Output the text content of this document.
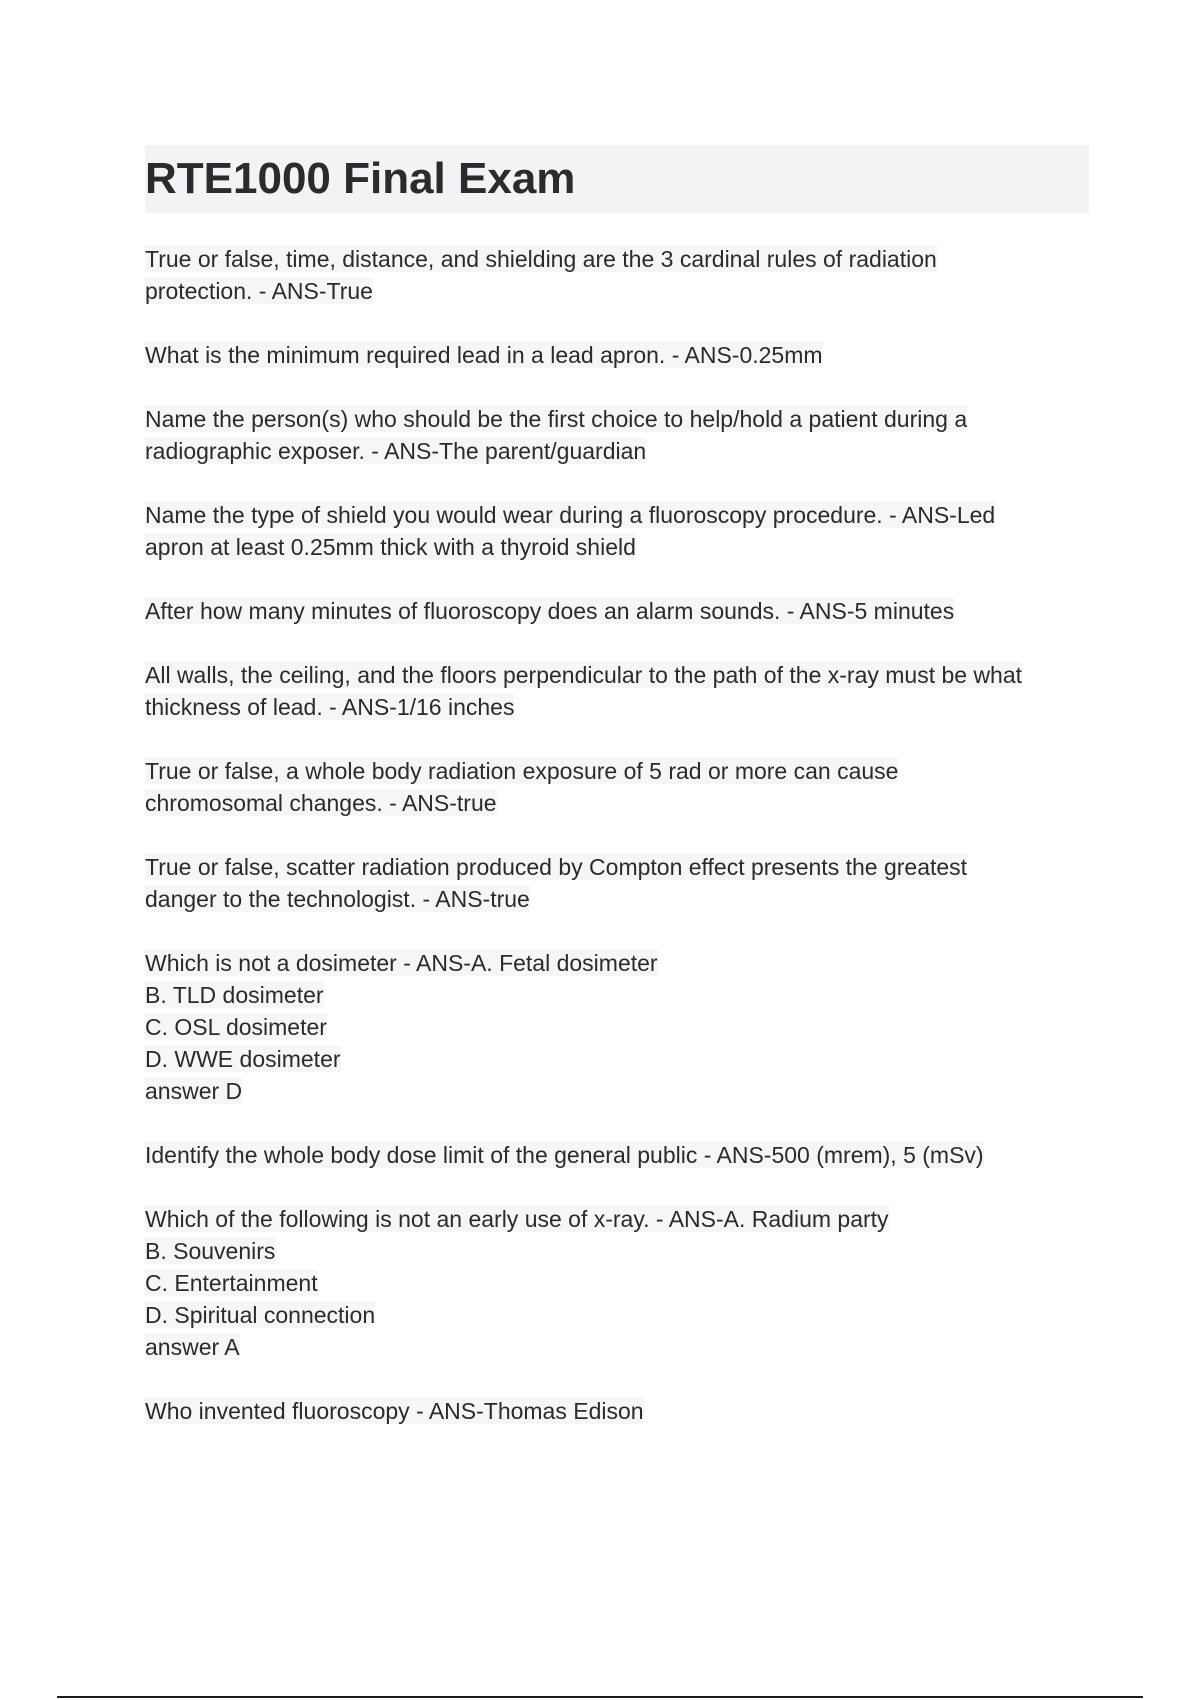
RTE1000 Final Exam
True or false, time, distance, and shielding are the 3 cardinal rules of radiation
protection. - ANS-True
What is the minimum required lead in a lead apron. - ANS-0.25mm
Name the person(s) who should be the first choice to help/hold a patient during a
radiographic exposer. - ANS-The parent/guardian
Name the type of shield you would wear during a fluoroscopy procedure. - ANS-Led
apron at least 0.25mm thick with a thyroid shield
After how many minutes of fluoroscopy does an alarm sounds. - ANS-5 minutes
All walls, the ceiling, and the floors perpendicular to the path of the x-ray must be what
thickness of lead. - ANS-1/16 inches
True or false, a whole body radiation exposure of 5 rad or more can cause
chromosomal changes. - ANS-true
True or false, scatter radiation produced by Compton effect presents the greatest
danger to the technologist. - ANS-true
Which is not a dosimeter - ANS-A. Fetal dosimeter
B. TLD dosimeter
C. OSL dosimeter
D. WWE dosimeter
answer D
Identify the whole body dose limit of the general public - ANS-500 (mrem), 5 (mSv)
Which of the following is not an early use of x-ray. - ANS-A. Radium party
B. Souvenirs
C. Entertainment
D. Spiritual connection
answer A
Who invented fluoroscopy - ANS-Thomas Edison
